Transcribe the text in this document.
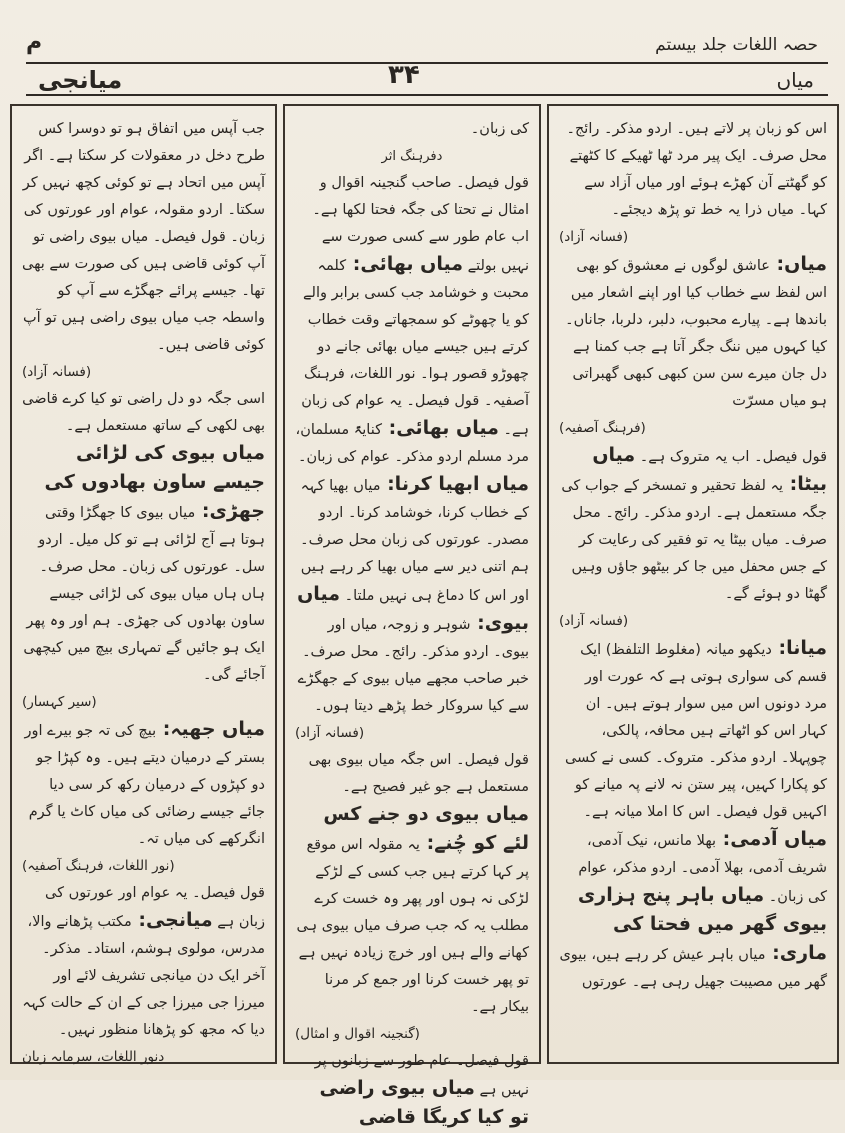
م
میانجی	۳۴
حصہ اللغات جلد بیستم
میاں
اس کو زبان پر لاتے ہیں۔ اردو مذکر۔ رائج۔ محل صرف۔ ایک پیر مرد ٹھا ٹھیکے کا کٹھتے کو گھٹتے آن کھڑے ہوئے اور میاں آزاد سے کہا۔ میاں ذرا یہ خط تو پڑھ دیجئے۔
(فسانہ آزاد)
میاں: عاشق لوگوں نے معشوق کو بھی اس لفظ سے خطاب کیا اور اپنے اشعار میں باندھا ہے۔ پیارے محبوب، دلبر، دلربا، جاناں۔ کیا کہوں میں ننگ جگر آتا ہے جب کمنا ہے دل جان میرے سن سن کبھی کبھی گھبراتی ہو میاں مسرّت
(فرہنگ آصفیہ)
قول فیصل۔ اب یہ متروک ہے۔ میاں بیٹا: یہ لفظ تحقیر و تمسخر کے جواب کی جگہ مستعمل ہے۔ اردو مذکر۔ رائج۔ محل صرف۔ میاں بیٹا یہ تو فقیر کی رعایت کر کے جس محفل میں جا کر بیٹھو جاؤں وہیں گھٹا دو ہوئے گے۔
(فسانہ آزاد)
میانا: دیکھو میانہ (مغلوط التلفظ) ایک قسم کی سواری ہوتی ہے کہ عورت اور مرد دونوں اس میں سوار ہوتے ہیں۔ ان کہار اس کو اٹھاتے ہیں محافہ، پالکی، چوپہلا۔ اردو مذکر۔ متروک۔ کسی نے کسی کو پکارا کہیں، پیر ستن نہ لانے پہ میانے کو اکہیں قول فیصل۔ اس کا املا میانہ ہے۔ میاں آدمی: بھلا مانس، نیک آدمی، شریف آدمی، بھلا آدمی۔ اردو مذکر، عوام کی زبان۔ میاں باہر پنج ہزاری بیوی گھر میں فحتا کی ماری: میاں باہر عیش کر رہے ہیں، بیوی گھر میں مصیبت جھیل رہی ہے۔ عورتوں
کی زبان۔
دفرہنگ اثر
قول فیصل۔ صاحب گنجینہ اقوال و امثال نے تحتا کی جگہ فحتا لکھا ہے۔ اب عام طور سے کسی صورت سے نہیں بولتے میاں بھائی: کلمہ محبت و خوشامد جب کسی برابر والے کو یا چھوٹے کو سمجھاتے وقت خطاب کرتے ہیں جیسے میاں بھائی جانے دو چھوڑو قصور ہوا۔ نور اللغات، فرہنگ آصفیہ۔ قول فیصل۔ یہ عوام کی زبان ہے۔ میاں بھائی: کنایۃً مسلمان، مرد مسلم اردو مذکر۔ عوام کی زبان۔ میاں ابھیا کرنا: میاں بھیا کہہ کے خطاب کرنا، خوشامد کرنا۔ اردو مصدر۔ عورتوں کی زبان محل صرف۔ ہم اتنی دیر سے میاں بھیا کر رہے ہیں اور اس کا دماغ ہی نہیں ملتا۔ میاں بیوی: شوہر و زوجہ، میاں اور بیوی۔ اردو مذکر۔ رائج۔ محل صرف۔ خبر صاحب مجھے میاں بیوی کے جھگڑے سے کیا سروکار خط پڑھے دیتا ہوں۔
(فسانہ آزاد)
قول فیصل۔ اس جگہ میاں بیوی بھی مستعمل ہے جو غیر فصیح ہے۔ میاں بیوی دو جنے کس لئے کو چُنے: یہ مقولہ اس موقع پر کہا کرتے ہیں جب کسی کے لڑکے لڑکی نہ ہوں اور پھر وہ خست کرے مطلب یہ کہ جب صرف میاں بیوی ہی کھانے والے ہیں اور خرچ زیادہ نہیں ہے تو پھر خست کرنا اور جمع کر مرنا بیکار ہے۔
(گنجینہ اقوال و امثال)
قول فیصل۔ عام طور سے زبانوں پر نہیں ہے میاں بیوی راضی تو کیا کریگا قاضی
جب آپس میں اتفاق ہو تو دوسرا کس طرح دخل در معقولات کر سکتا ہے۔ اگر آپس میں اتحاد ہے تو کوئی کچھ نہیں کر سکتا۔ اردو مقولہ، عوام اور عورتوں کی زبان۔ قول فیصل۔ میاں بیوی راضی تو آپ کوئی قاضی ہیں کی صورت سے بھی تھا۔ جیسے پرائے جھگڑے سے آپ کو واسطہ جب میاں بیوی راضی ہیں تو آپ کوئی قاضی ہیں۔
(فسانہ آزاد)
اسی جگہ دو دل راضی تو کیا کرے قاضی بھی لکھی کے ساتھ مستعمل ہے۔ میاں بیوی کی لڑائی جیسے ساون بھادوں کی جھڑی: میاں بیوی کا جھگڑا وقتی ہوتا ہے آج لڑائی ہے تو کل میل۔ اردو سل۔ عورتوں کی زبان۔ محل صرف۔ ہاں ہاں میاں بیوی کی لڑائی جیسے ساون بھادوں کی جھڑی۔ ہم اور وہ پھر ایک ہو جائیں گے تمہاری بیچ میں کیچھی آجائے گی۔
(سیر کہسار)
میاں جھیہ: بیچ کی تہ جو بیرے اور بستر کے درمیان دیتے ہیں۔ وہ کپڑا جو دو کپڑوں کے درمیان رکھ کر سی دیا جائے جیسے رضائی کی میاں کاٹ یا گرم انگرکھے کی میاں تہ۔
(نور اللغات، فرہنگ آصفیہ)
قول فیصل۔ یہ عوام اور عورتوں کی زبان ہے میانجی: مکتب پڑھانے والا، مدرس، مولوی ہوشم، استاد۔ مذکر۔ آخر ایک دن میانجی تشریف لائے اور میرزا جی میرزا جی کے ان کے حالت کہہ دیا کہ مجھ کو پڑھانا منظور نہیں۔
دنور اللغات، سرمایہ زبان
